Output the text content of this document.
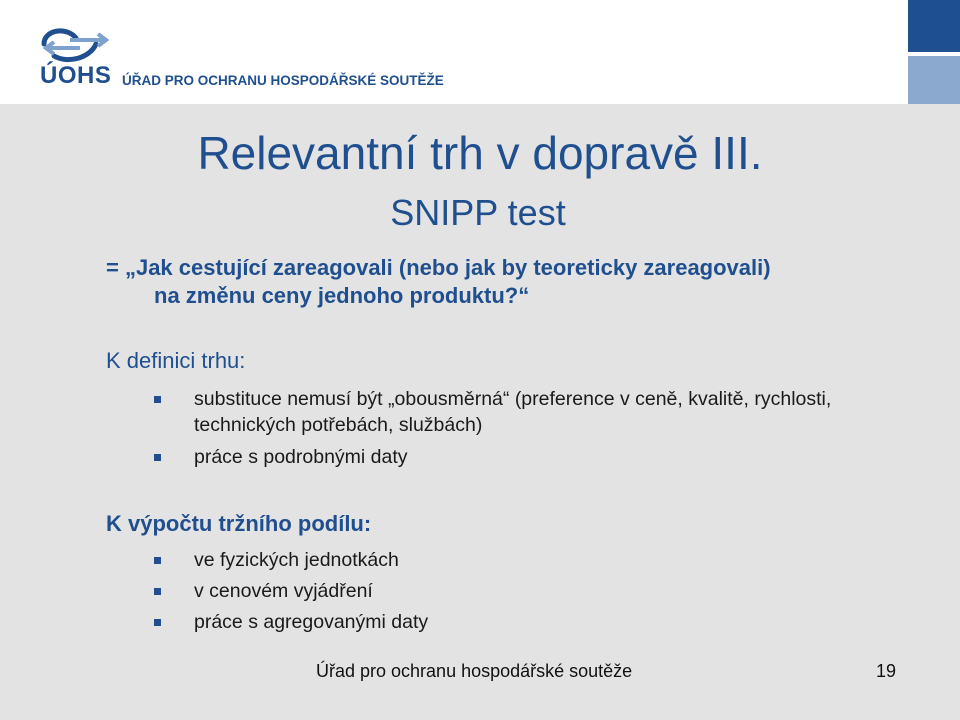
ÚOHS ÚŘAD PRO OCHRANU HOSPODÁŘSKÉ SOUTĚŽE
Relevantní trh v dopravě III.
SNIPP test
= „Jak cestující zareagovali (nebo jak by teoreticky zareagovali)
na změnu ceny jednoho produktu?“
K definici trhu:
substituce nemusí být „obousměrná“ (preference v ceně, kvalitě, rychlosti, technických potřebách, službách)
práce s podrobnými daty
K výpočtu tržního podílu:
ve fyzických jednotkách
v cenovém vyjádření
práce s agregovanými daty
Úřad pro ochranu hospodářské soutěže	19
